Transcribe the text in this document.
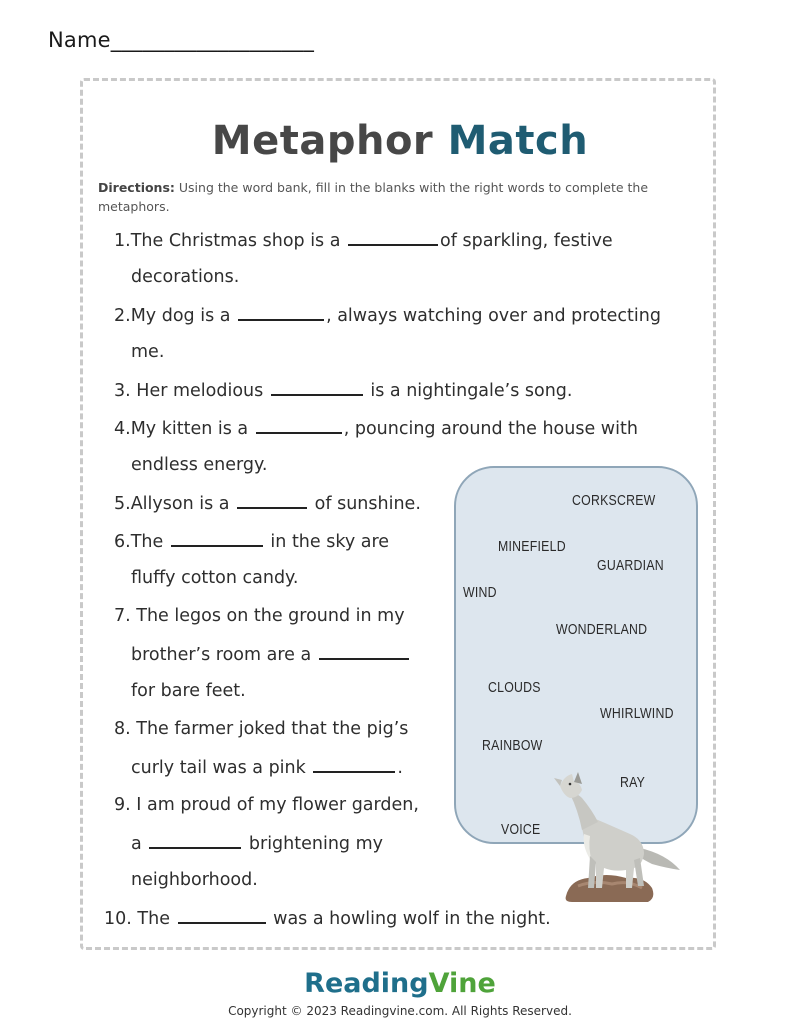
Name___________________
Metaphor Match
Directions: Using the word bank, fill in the blanks with the right words to complete the metaphors.
1.The Christmas shop is a	of sparkling, festive
decorations.
2.My dog is a	, always watching over and protecting
me.
3. Her melodious	is a nightingale’s song.
4.My kitten is a	, pouncing around the house with
endless energy.
5.Allyson is a	of sunshine.
6.The	in the sky are
fluffy cotton candy.
7. The legos on the ground in my
brother’s room are a
for bare feet.
8. The farmer joked that the pig’s
curly tail was a pink	.
9. I am proud of my flower garden,
a	brightening my
neighborhood.
10. The	was a howling wolf in the night.
CORKSCREW
MINEFIELD
GUARDIAN
WIND
WONDERLAND
CLOUDS
WHIRLWIND
RAINBOW
RAY
VOICE
ReadingVine
Copyright © 2023 Readingvine.com. All Rights Reserved.
